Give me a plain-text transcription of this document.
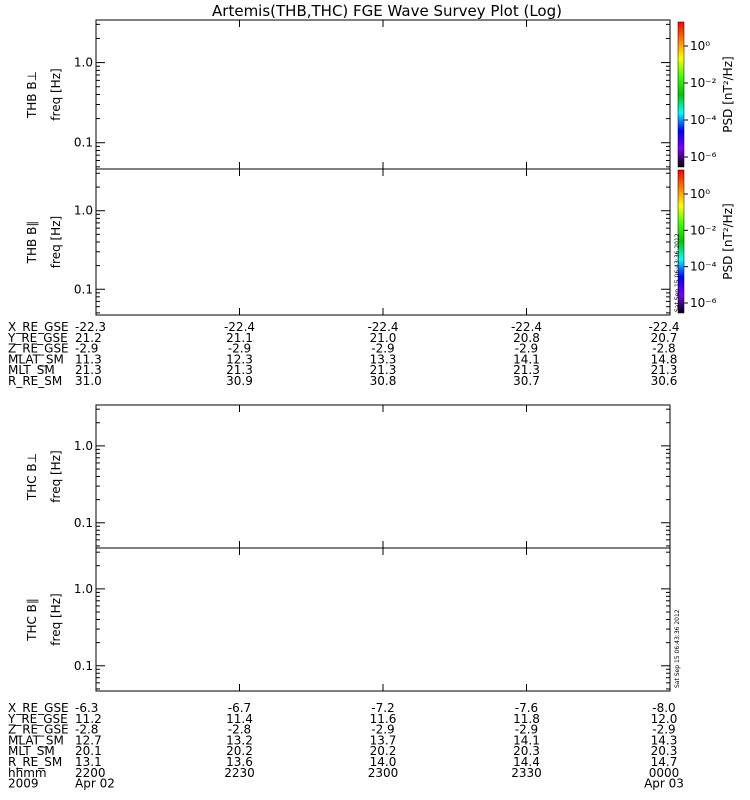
Artemis(THB,THC) FGE Wave Survey Plot (Log)
10⁰
10⁻²
10⁻⁴
10⁻⁶
PSD [nT²/Hz]
10⁰
10⁻²
10⁻⁴
10⁻⁶
PSD [nT²/Hz]
0.1
1.0
THB B⊥ freq [Hz]
0.1
1.0
THB B∥ freq [Hz]	Sat Sep 15 06:43:36 2012
0.1
1.0
THC B⊥ freq [Hz]
0.1
1.0
THC B∥ freq [Hz]	Sat Sep 15 06:43:36 2012
X_RE_GSE -22.3	-22.4	-22.4	-22.4	-22.4
Y_RE_GSE 21.2	21.1	21.0	20.8	20.7
Z_RE_GSE -2.9	-2.9	-2.9	-2.9	-2.8
MLAT_SM 11.3	12.3	13.3	14.1	14.8
MLT_SM 21.3	21.3	21.3	21.3	21.3
R_RE_SM 31.0	30.9	30.8	30.7	30.6
X_RE_GSE -6.3	-6.7	-7.2	-7.6	-8.0
Y_RE_GSE 11.2	11.4	11.6	11.8	12.0
Z_RE_GSE -2.8	-2.8	-2.9	-2.9	-2.9
MLAT_SM 12.7	13.2	13.7	14.1	14.3
MLT_SM 20.1	20.2	20.2	20.3	20.3
R_RE_SM 13.1	13.6	14.0	14.4	14.7
hhmm 2200	2230	2300	2330	0000
2009	Apr 02	Apr 03
